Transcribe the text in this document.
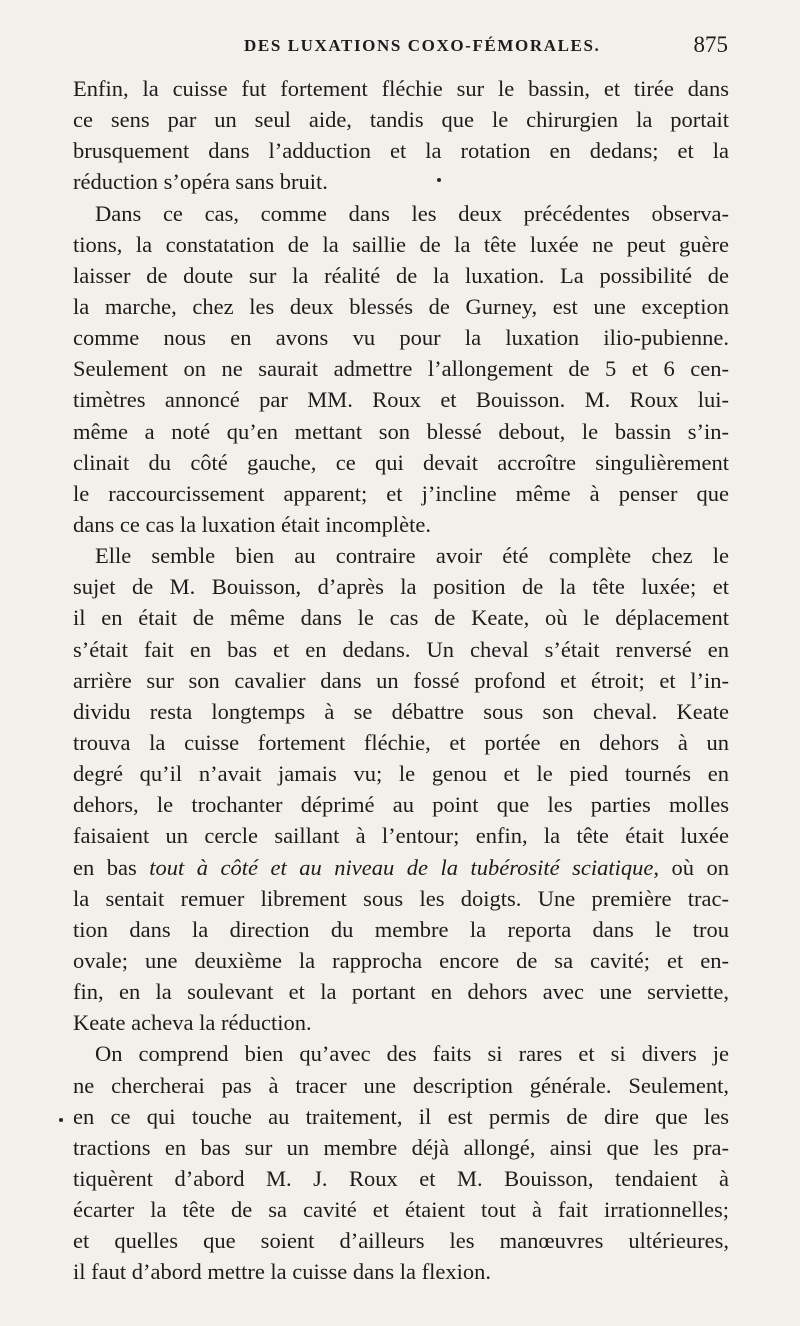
DES LUXATIONS COXO-FÉMORALES.	875
Enfin, la cuisse fut fortement fléchie sur le bassin, et tirée dans
ce sens par un seul aide, tandis que le chirurgien la portait
brusquement dans l’adduction et la rotation en dedans; et la
réduction s’opéra sans bruit.
Dans ce cas, comme dans les deux précédentes observa-
tions, la constatation de la saillie de la tête luxée ne peut guère
laisser de doute sur la réalité de la luxation. La possibilité de
la marche, chez les deux blessés de Gurney, est une exception
comme nous en avons vu pour la luxation ilio-pubienne.
Seulement on ne saurait admettre l’allongement de 5 et 6 cen-
timètres annoncé par MM. Roux et Bouisson. M. Roux lui-
même a noté qu’en mettant son blessé debout, le bassin s’in-
clinait du côté gauche, ce qui devait accroître singulièrement
le raccourcissement apparent; et j’incline même à penser que
dans ce cas la luxation était incomplète.
Elle semble bien au contraire avoir été complète chez le
sujet de M. Bouisson, d’après la position de la tête luxée; et
il en était de même dans le cas de Keate, où le déplacement
s’était fait en bas et en dedans. Un cheval s’était renversé en
arrière sur son cavalier dans un fossé profond et étroit; et l’in-
dividu resta longtemps à se débattre sous son cheval. Keate
trouva la cuisse fortement fléchie, et portée en dehors à un
degré qu’il n’avait jamais vu; le genou et le pied tournés en
dehors, le trochanter déprimé au point que les parties molles
faisaient un cercle saillant à l’entour; enfin, la tête était luxée
en bas tout à côté et au niveau de la tubérosité sciatique, où on
la sentait remuer librement sous les doigts. Une première trac-
tion dans la direction du membre la reporta dans le trou
ovale; une deuxième la rapprocha encore de sa cavité; et en-
fin, en la soulevant et la portant en dehors avec une serviette,
Keate acheva la réduction.
On comprend bien qu’avec des faits si rares et si divers je
ne chercherai pas à tracer une description générale. Seulement,
en ce qui touche au traitement, il est permis de dire que les
tractions en bas sur un membre déjà allongé, ainsi que les pra-
tiquèrent d’abord M. J. Roux et M. Bouisson, tendaient à
écarter la tête de sa cavité et étaient tout à fait irrationnelles;
et quelles que soient d’ailleurs les manœuvres ultérieures,
il faut d’abord mettre la cuisse dans la flexion.
